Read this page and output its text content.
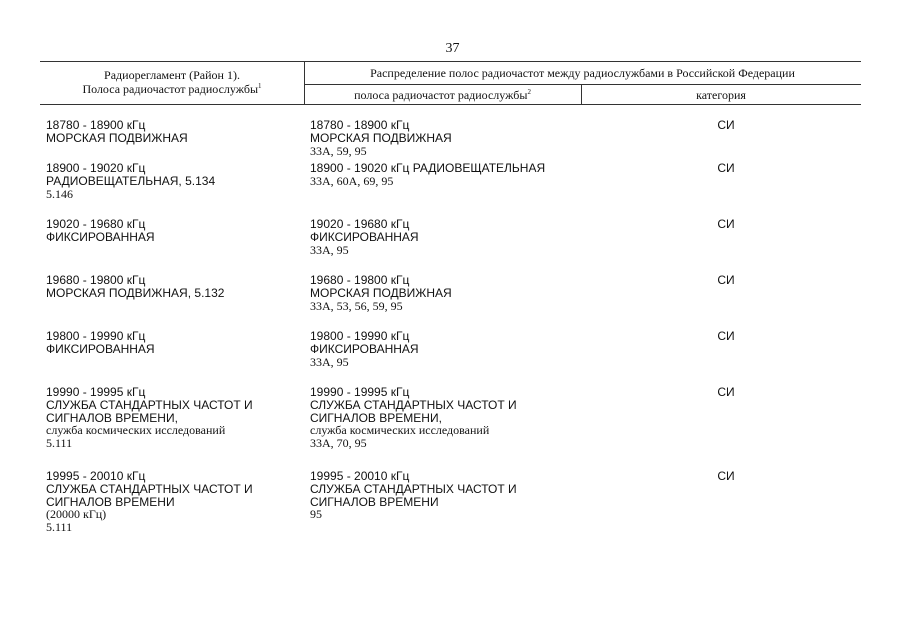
37
Радиорегламент (Район 1).
Полоса радиочастот радиослужбы$^1$
Распределение полос радиочастот между радиослужбами в Российской Федерации
полоса радиочастот радиослужбы$^2$	категория
18780 - 18900 кГц
МОРСКАЯ ПОДВИЖНАЯ
18780 - 18900 кГц
МОРСКАЯ ПОДВИЖНАЯ
33А, 59, 95
СИ
18900 - 19020 кГц
РАДИОВЕЩАТЕЛЬНАЯ, 5.134
5.146
18900 - 19020 кГц РАДИОВЕЩАТЕЛЬНАЯ
33А, 60А, 69, 95
СИ
19020 - 19680 кГц
ФИКСИРОВАННАЯ
19020 - 19680 кГц
ФИКСИРОВАННАЯ
33А, 95
СИ
19680 - 19800 кГц
МОРСКАЯ ПОДВИЖНАЯ, 5.132
19680 - 19800 кГц
МОРСКАЯ ПОДВИЖНАЯ
33А, 53, 56, 59, 95
СИ
19800 - 19990 кГц
ФИКСИРОВАННАЯ
19800 - 19990 кГц
ФИКСИРОВАННАЯ
33А, 95
СИ
19990 - 19995 кГц
СЛУЖБА СТАНДАРТНЫХ ЧАСТОТ И
СИГНАЛОВ ВРЕМЕНИ,
служба космических исследований
5.111
19990 - 19995 кГц
СЛУЖБА СТАНДАРТНЫХ ЧАСТОТ И
СИГНАЛОВ ВРЕМЕНИ,
служба космических исследований
33А, 70, 95
СИ
19995 - 20010 кГц
СЛУЖБА СТАНДАРТНЫХ ЧАСТОТ И
СИГНАЛОВ ВРЕМЕНИ
(20000 кГц)
5.111
19995 - 20010 кГц
СЛУЖБА СТАНДАРТНЫХ ЧАСТОТ И
СИГНАЛОВ ВРЕМЕНИ
95
СИ
